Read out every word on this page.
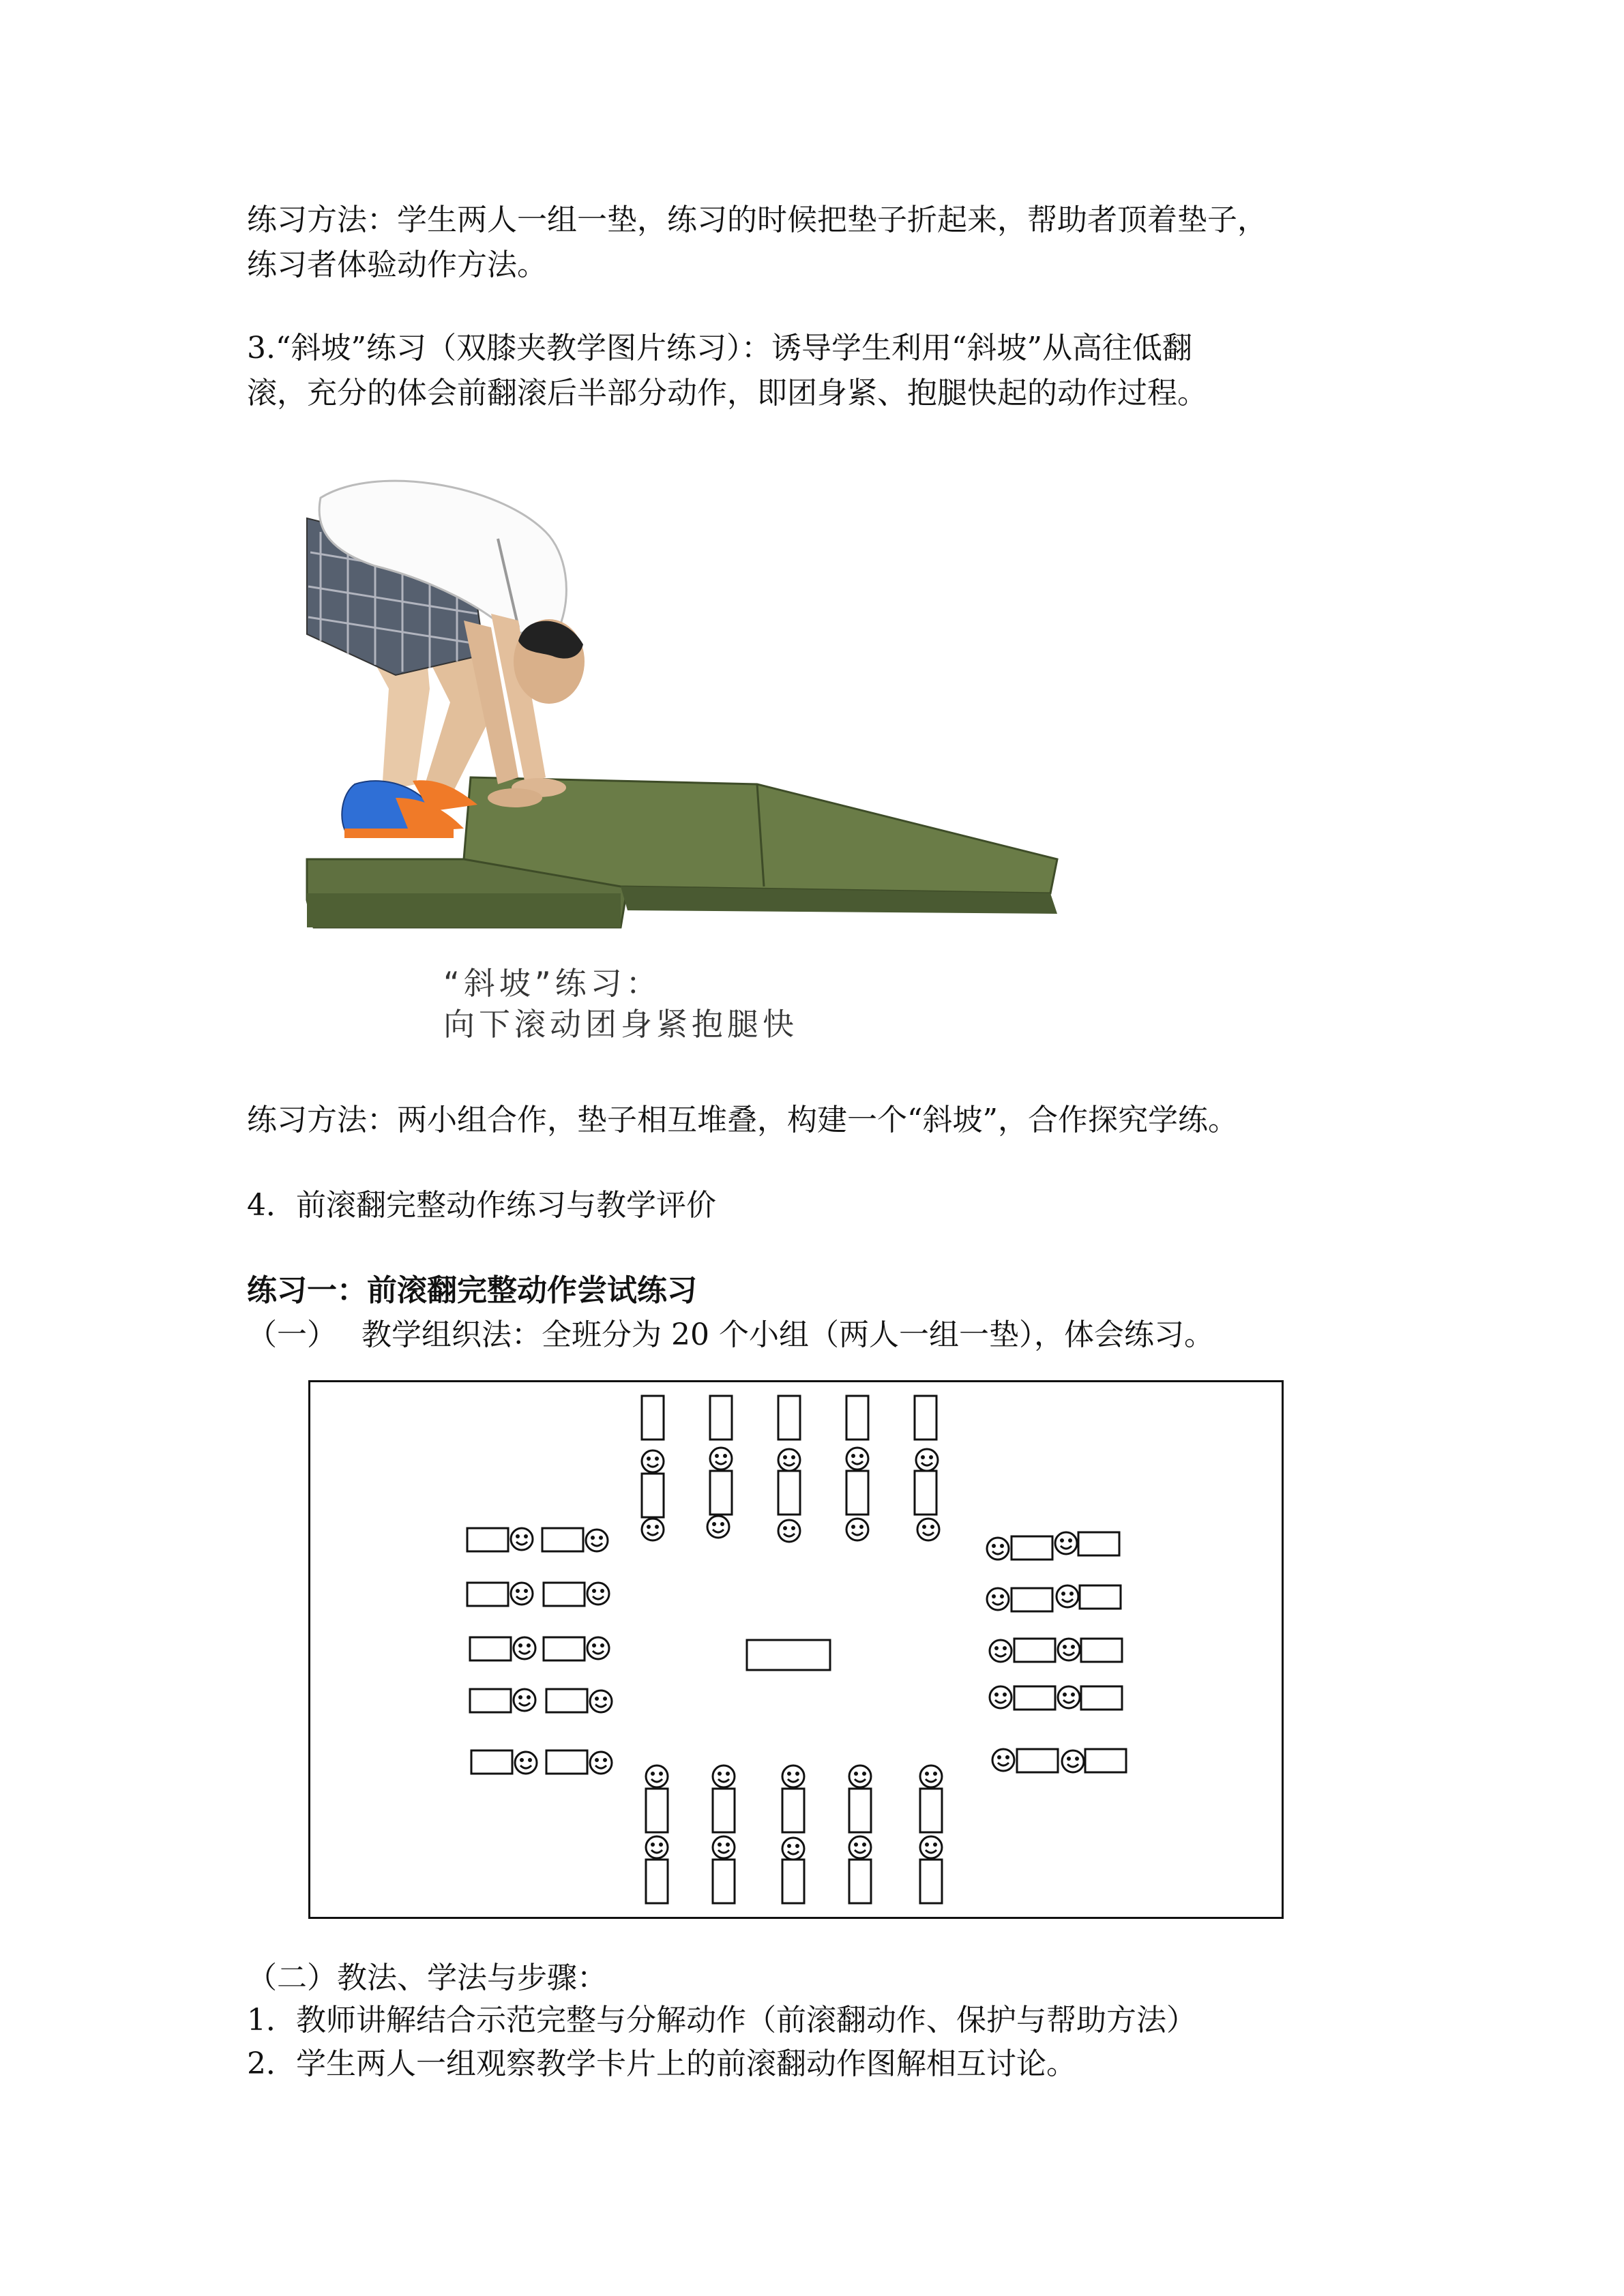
练习方法：学生两人一组一垫，练习的时候把垫子折起来，帮助者顶着垫子，
练习者体验动作方法。

3.“斜坡”练习（双膝夹教学图片练习）：诱导学生利用“斜坡”从高往低翻
滚，充分的体会前翻滚后半部分动作，即团身紧、抱腿快起的动作过程。

“斜坡”练习：
向下滚动团身紧抱腿快

练习方法：两小组合作，垫子相互堆叠，构建一个“斜坡”，合作探究学练。

4．前滚翻完整动作练习与教学评价

练习一：前滚翻完整动作尝试练习

（一）　 教学组织法：全班分为 20 个小组（两人一组一垫），体会练习。

（二）教法、学法与步骤：

1．教师讲解结合示范完整与分解动作（前滚翻动作、保护与帮助方法）

2．学生两人一组观察教学卡片上的前滚翻动作图解相互讨论。
